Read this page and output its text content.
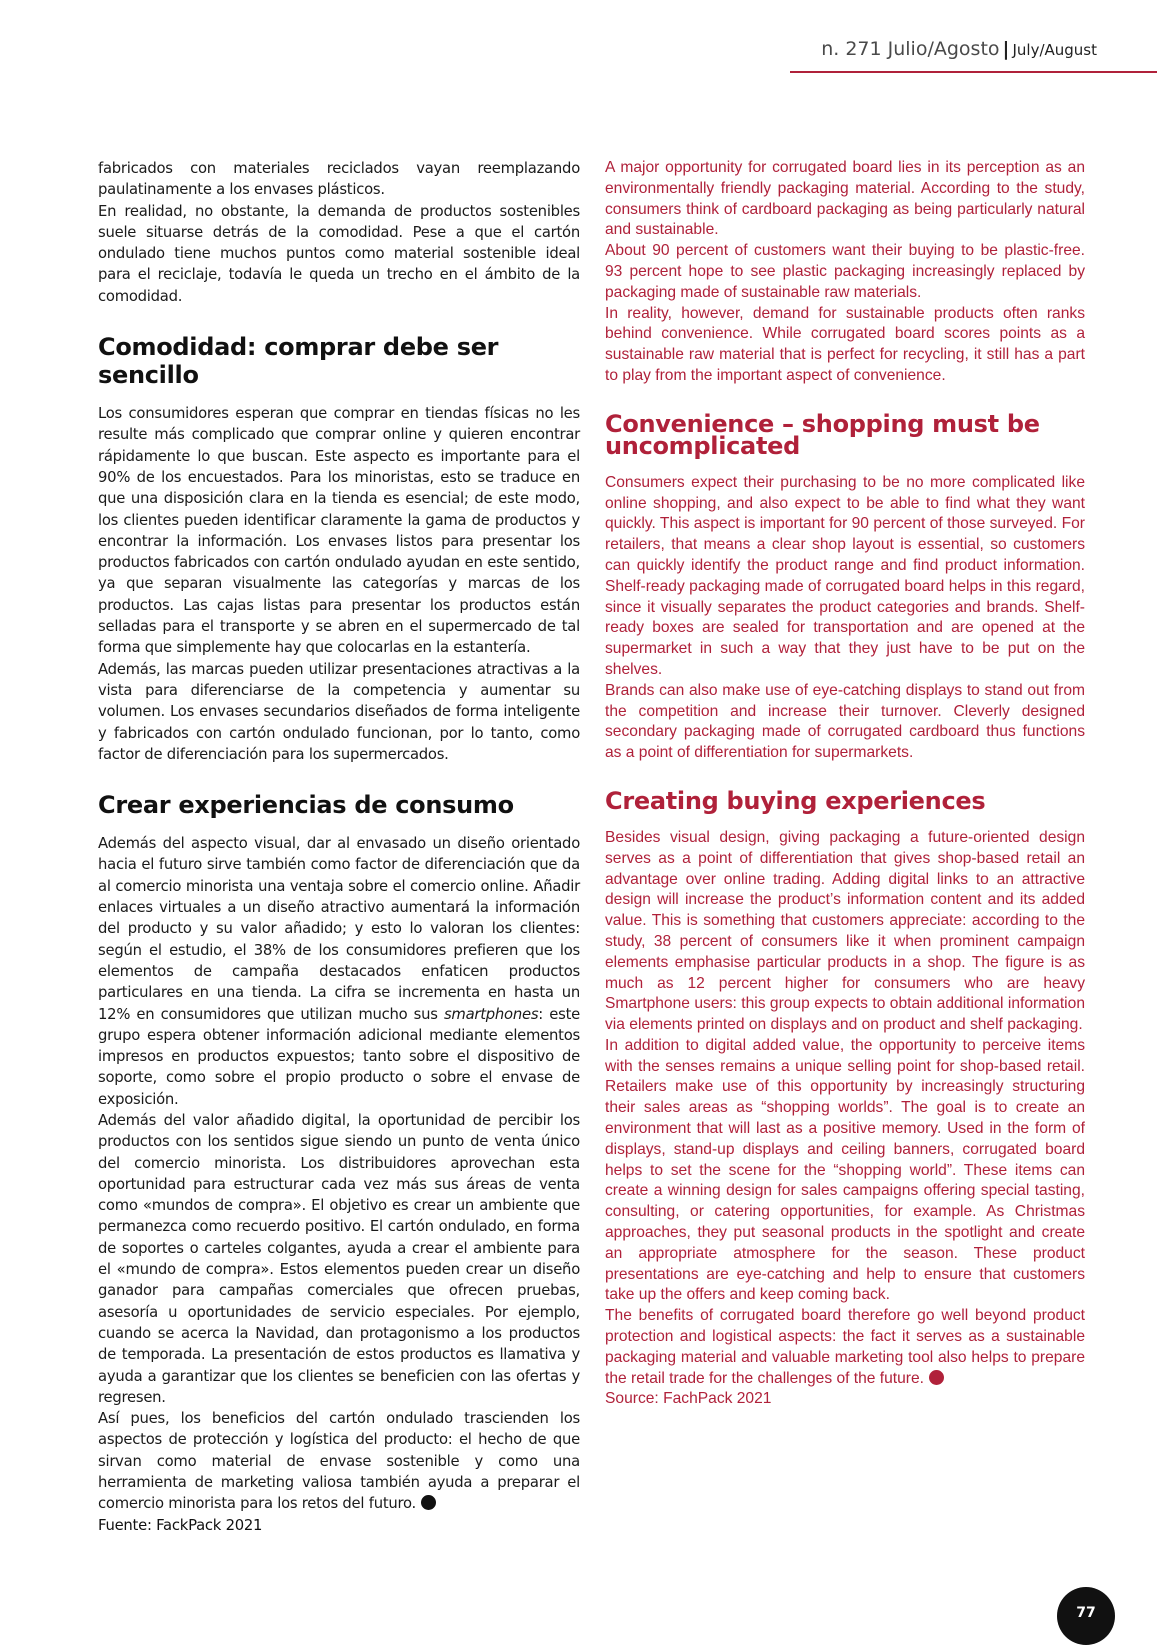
n. 271 Julio/Agosto | July/August

fabricados con materiales reciclados vayan reemplazando paulatinamente a los envases plásticos.

En realidad, no obstante, la demanda de productos sostenibles suele situarse detrás de la comodidad. Pese a que el cartón ondulado tiene muchos puntos como material sostenible ideal para el reciclaje, todavía le queda un trecho en el ámbito de la comodidad.

Comodidad: comprar debe ser sencillo

Los consumidores esperan que comprar en tiendas físicas no les resulte más complicado que comprar online y quieren encontrar rápidamente lo que buscan. Este aspecto es importante para el 90% de los encuestados. Para los minoristas, esto se traduce en que una disposición clara en la tienda es esencial; de este modo, los clientes pueden identificar claramente la gama de productos y encontrar la información. Los envases listos para presentar los productos fabricados con cartón ondulado ayudan en este sentido, ya que separan visualmente las categorías y marcas de los productos. Las cajas listas para presentar los productos están selladas para el transporte y se abren en el supermercado de tal forma que simplemente hay que colocarlas en la estantería.

Además, las marcas pueden utilizar presentaciones atractivas a la vista para diferenciarse de la competencia y aumentar su volumen. Los envases secundarios diseñados de forma inteligente y fabricados con cartón ondulado funcionan, por lo tanto, como factor de diferenciación para los supermercados.

Crear experiencias de consumo

Además del aspecto visual, dar al envasado un diseño orientado hacia el futuro sirve también como factor de diferenciación que da al comercio minorista una ventaja sobre el comercio online. Añadir enlaces virtuales a un diseño atractivo aumentará la información del producto y su valor añadido; y esto lo valoran los clientes: según el estudio, el 38% de los consumidores prefieren que los elementos de campaña destacados enfaticen productos particulares en una tienda. La cifra se incrementa en hasta un 12% en consumidores que utilizan mucho sus smartphones: este grupo espera obtener información adicional mediante elementos impresos en productos expuestos; tanto sobre el dispositivo de soporte, como sobre el propio producto o sobre el envase de exposición.

Además del valor añadido digital, la oportunidad de percibir los productos con los sentidos sigue siendo un punto de venta único del comercio minorista. Los distribuidores aprovechan esta oportunidad para estructurar cada vez más sus áreas de venta como «mundos de compra». El objetivo es crear un ambiente que permanezca como recuerdo positivo. El cartón ondulado, en forma de soportes o carteles colgantes, ayuda a crear el ambiente para el «mundo de compra». Estos elementos pueden crear un diseño ganador para campañas comerciales que ofrecen pruebas, asesoría u oportunidades de servicio especiales. Por ejemplo, cuando se acerca la Navidad, dan protagonismo a los productos de temporada. La presentación de estos productos es llamativa y ayuda a garantizar que los clientes se beneficien con las ofertas y regresen.

Así pues, los beneficios del cartón ondulado trascienden los aspectos de protección y logística del producto: el hecho de que sirvan como material de envase sostenible y como una herramienta de marketing valiosa también ayuda a preparar el comercio minorista para los retos del futuro.

Fuente: FackPack 2021

A major opportunity for corrugated board lies in its perception as an environmentally friendly packaging material. According to the study, consumers think of cardboard packaging as being particularly natural and sustainable.

About 90 percent of customers want their buying to be plastic-free. 93 percent hope to see plastic packaging increasingly replaced by packaging made of sustainable raw materials.

In reality, however, demand for sustainable products often ranks behind convenience. While corrugated board scores points as a sustainable raw material that is perfect for recycling, it still has a part to play from the important aspect of convenience.

Convenience – shopping must be uncomplicated

Consumers expect their purchasing to be no more complicated like online shopping, and also expect to be able to find what they want quickly. This aspect is important for 90 percent of those surveyed. For retailers, that means a clear shop layout is essential, so customers can quickly identify the product range and find product information. Shelf-ready packaging made of corrugated board helps in this regard, since it visually separates the product categories and brands. Shelf-ready boxes are sealed for transportation and are opened at the supermarket in such a way that they just have to be put on the shelves.

Brands can also make use of eye-catching displays to stand out from the competition and increase their turnover. Cleverly designed secondary packaging made of corrugated cardboard thus functions as a point of differentiation for supermarkets.

Creating buying experiences

Besides visual design, giving packaging a future-oriented design serves as a point of differentiation that gives shop-based retail an advantage over online trading. Adding digital links to an attractive design will increase the product’s information content and its added value. This is something that customers appreciate: according to the study, 38 percent of consumers like it when prominent campaign elements emphasise particular products in a shop. The figure is as much as 12 percent higher for consumers who are heavy Smartphone users: this group expects to obtain additional information via elements printed on displays and on product and shelf packaging.

In addition to digital added value, the opportunity to perceive items with the senses remains a unique selling point for shop-based retail. Retailers make use of this opportunity by increasingly structuring their sales areas as “shopping worlds”. The goal is to create an environment that will last as a positive memory. Used in the form of displays, stand-up displays and ceiling banners, corrugated board helps to set the scene for the “shopping world”. These items can create a winning design for sales campaigns offering special tasting, consulting, or catering opportunities, for example. As Christmas approaches, they put seasonal products in the spotlight and create an appropriate atmosphere for the season. These product presentations are eye-catching and help to ensure that customers take up the offers and keep coming back.

The benefits of corrugated board therefore go well beyond product protection and logistical aspects: the fact it serves as a sustainable packaging material and valuable marketing tool also helps to prepare the retail trade for the challenges of the future.

Source: FachPack 2021

77
